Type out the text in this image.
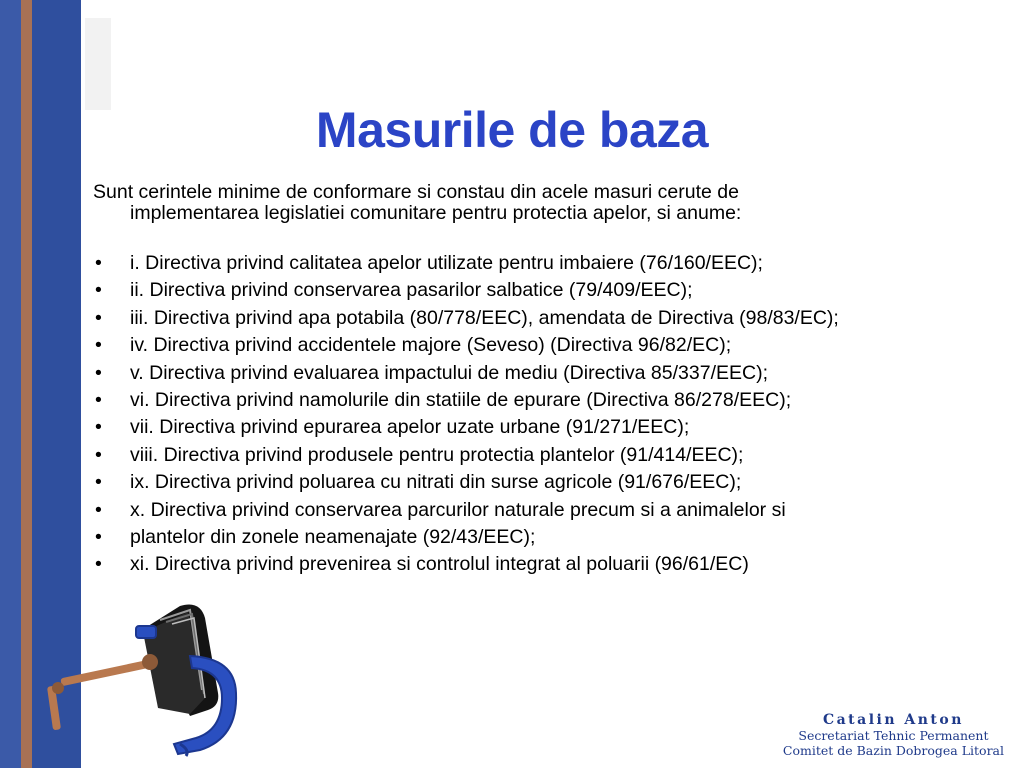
Masurile de baza

Sunt cerintele minime de conformare si constau din acele masuri cerute de
implementarea legislatiei comunitare pentru protectia apelor, si anume:

• i. Directiva privind calitatea apelor utilizate pentru imbaiere (76/160/EEC);
• ii. Directiva privind conservarea pasarilor salbatice (79/409/EEC);
• iii. Directiva privind apa potabila (80/778/EEC), amendata de Directiva (98/83/EC);
• iv. Directiva privind accidentele majore (Seveso) (Directiva 96/82/EC);
• v. Directiva privind evaluarea impactului de mediu (Directiva 85/337/EEC);
• vi. Directiva privind namolurile din statiile de epurare (Directiva 86/278/EEC);
• vii. Directiva privind epurarea apelor uzate urbane (91/271/EEC);
• viii. Directiva privind produsele pentru protectia plantelor (91/414/EEC);
• ix. Directiva privind poluarea cu nitrati din surse agricole (91/676/EEC);
• x. Directiva privind conservarea parcurilor naturale precum si a animalelor si
• plantelor din zonele neamenajate (92/43/EEC);
• xi. Directiva privind prevenirea si controlul integrat al poluarii (96/61/EC)
Catalin Anton
Secretariat Tehnic Permanent
Comitet de Bazin Dobrogea Litoral
